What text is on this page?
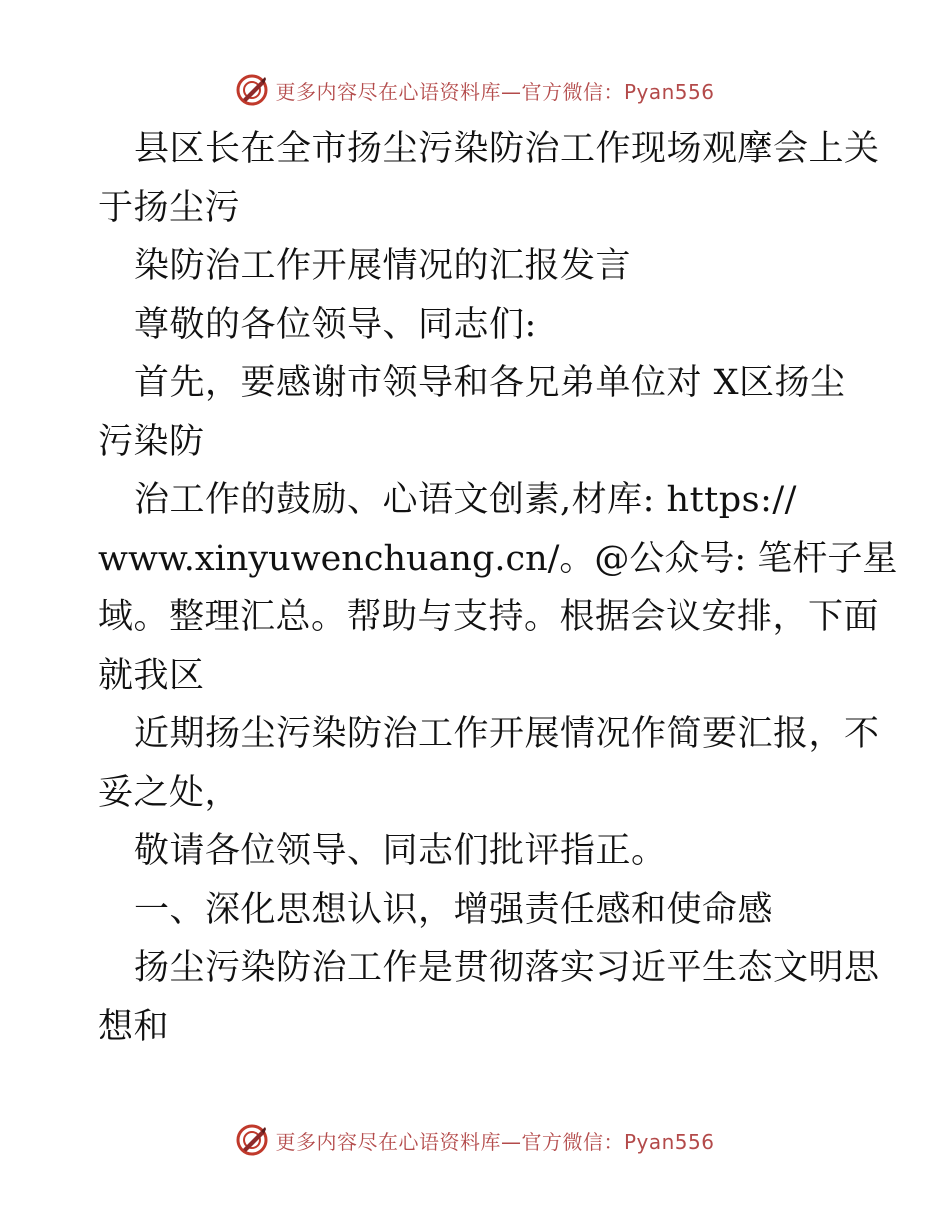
更多内容尽在心语资料库—官方微信：Pyan556
县区长在全市扬尘污染防治工作现场观摩会上关
于扬尘污
染防治工作开展情况的汇报发言
尊敬的各位领导、同志们:
首先，要感谢市领导和各兄弟单位对 X区扬尘
污染防
治工作的鼓励、心语文创素,材库: https://
www.xinyuwenchuang.cn/。@公众号: 笔杆子星
域。整理汇总。帮助与支持。根据会议安排，下面
就我区
近期扬尘污染防治工作开展情况作简要汇报，不
妥之处，
敬请各位领导、同志们批评指正。
一、深化思想认识，增强责任感和使命感
扬尘污染防治工作是贯彻落实习近平生态文明思
想和
更多内容尽在心语资料库—官方微信：Pyan556
